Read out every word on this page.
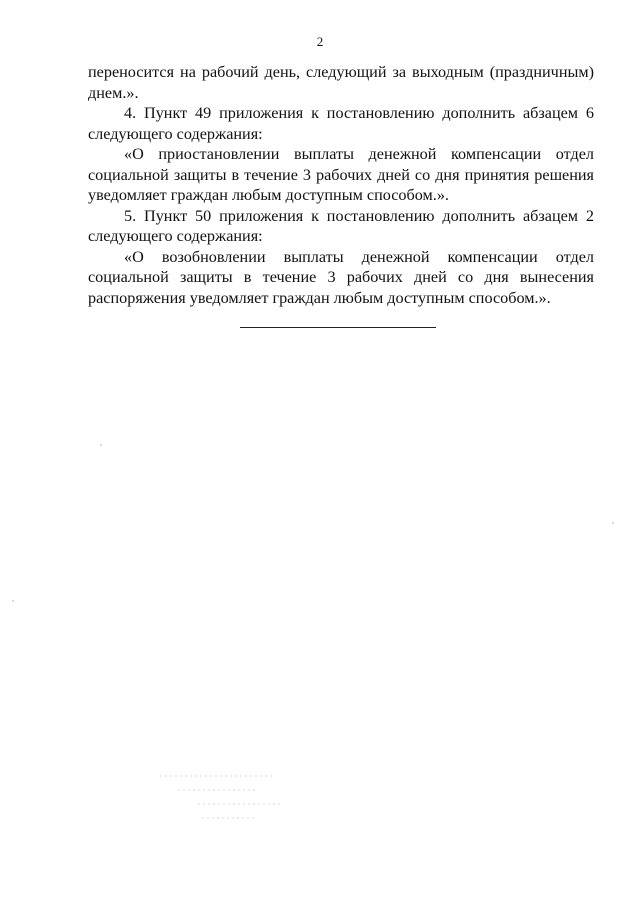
2

переносится на рабочий день, следующий за выходным (праздничным) днем.».

4. Пункт 49 приложения к постановлению дополнить абзацем 6 следующего содержания:

«О приостановлении выплаты денежной компенсации отдел социальной защиты в течение 3 рабочих дней со дня принятия решения уведомляет граждан любым доступным способом.».

5. Пункт 50 приложения к постановлению дополнить абзацем 2 следующего содержания:

«О возобновлении выплаты денежной компенсации отдел социальной защиты в течение 3 рабочих дней со дня вынесения распоряжения уведомляет граждан любым доступным способом.».
